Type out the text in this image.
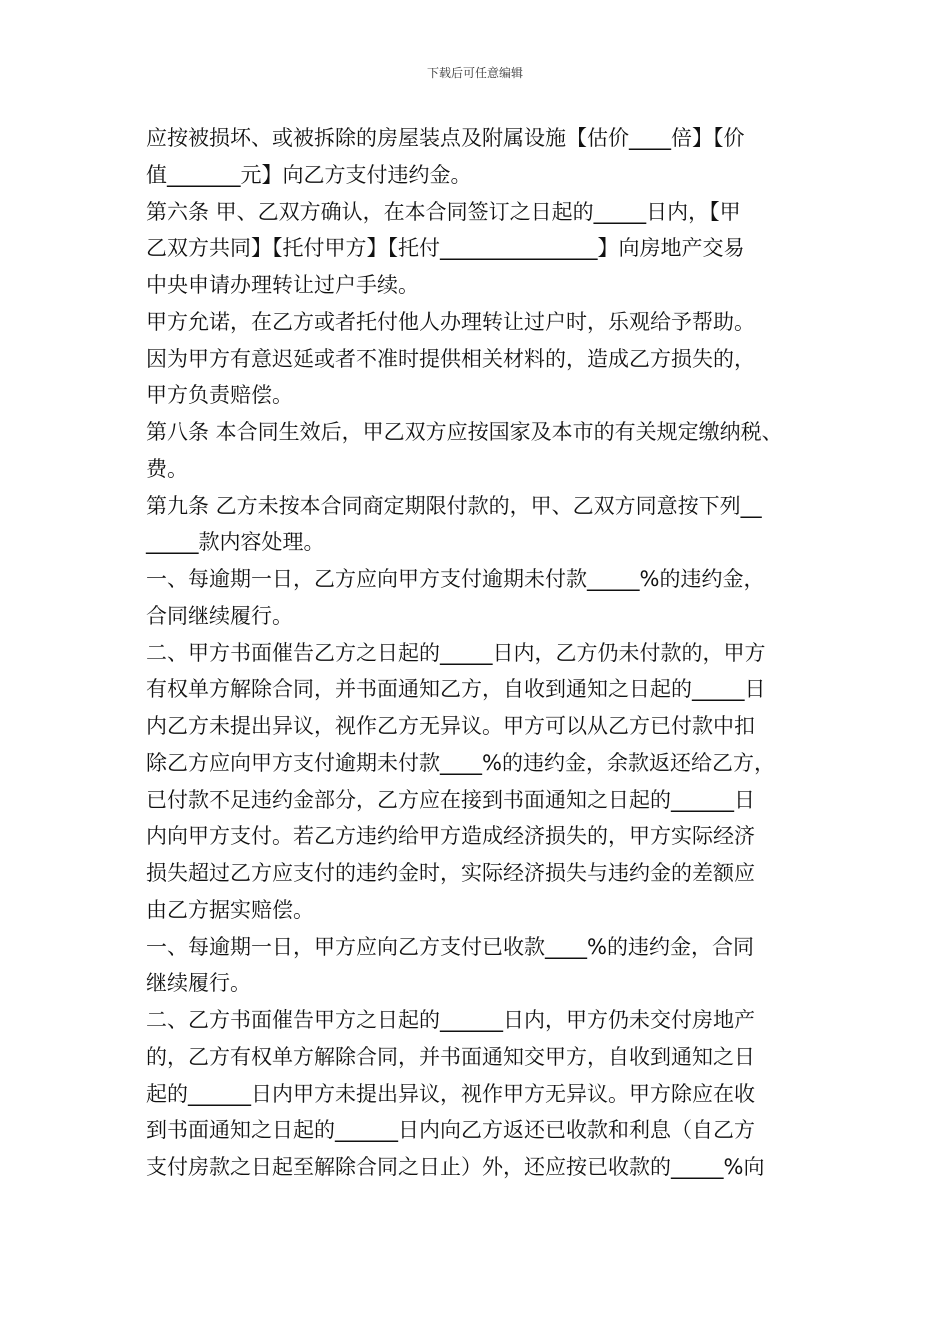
下载后可任意编辑
应按被损坏、或被拆除的房屋装点及附属设施【估价____倍】【价
值_______元】向乙方支付违约金。
第六条 甲、乙双方确认，在本合同签订之日起的_____日内，【甲
乙双方共同】【托付甲方】【托付_______________】向房地产交易
中央申请办理转让过户手续。
甲方允诺，在乙方或者托付他人办理转让过户时，乐观给予帮助。
因为甲方有意迟延或者不准时提供相关材料的，造成乙方损失的，
甲方负责赔偿。
第八条 本合同生效后，甲乙双方应按国家及本市的有关规定缴纳税、
费。
第九条 乙方未按本合同商定期限付款的，甲、乙双方同意按下列__
_____款内容处理。
一、每逾期一日，乙方应向甲方支付逾期未付款_____%的违约金，
合同继续履行。
二、甲方书面催告乙方之日起的_____日内，乙方仍未付款的，甲方
有权单方解除合同，并书面通知乙方，自收到通知之日起的_____日
内乙方未提出异议，视作乙方无异议。甲方可以从乙方已付款中扣
除乙方应向甲方支付逾期未付款____%的违约金，余款返还给乙方，
已付款不足违约金部分，乙方应在接到书面通知之日起的______日
内向甲方支付。若乙方违约给甲方造成经济损失的，甲方实际经济
损失超过乙方应支付的违约金时，实际经济损失与违约金的差额应
由乙方据实赔偿。
一、每逾期一日，甲方应向乙方支付已收款____%的违约金，合同
继续履行。
二、乙方书面催告甲方之日起的______日内，甲方仍未交付房地产
的，乙方有权单方解除合同，并书面通知交甲方，自收到通知之日
起的______日内甲方未提出异议，视作甲方无异议。甲方除应在收
到书面通知之日起的______日内向乙方返还已收款和利息（自乙方
支付房款之日起至解除合同之日止）外，还应按已收款的_____%向
